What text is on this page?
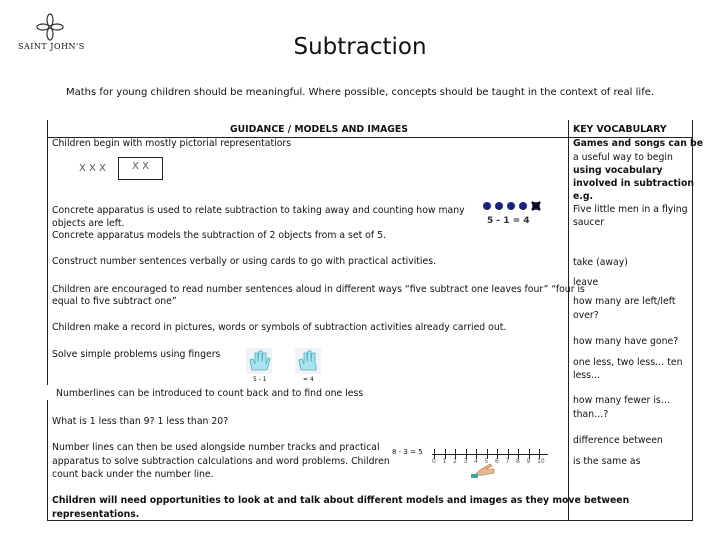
SAINT JOHN'S	Subtraction
Maths for young children should be meaningful. Where possible, concepts should be taught in the context of real life.
GUIDANCE / MODELS AND IMAGES
Children begin with mostly pictorial representatiors
X X X	X X
Concrete apparatus is used to relate subtraction to taking away and counting how many
objects are left.
Concrete apparatus models the subtraction of 2 objects from a set of 5.
5 - 1 = 4
Construct number sentences verbally or using cards to go with practical activities.
Children are encouraged to read number sentences aloud in different ways “five subtract one leaves four” “four is
equal to five subtract one”
Children make a record in pictures, words or symbols of subtraction activities already carried out.
Solve simple problems using fingers
5 - 1	= 4
Numberlines can be introduced to count back and to find one less
What is 1 less than 9? 1 less than 20?
Number lines can then be used alongside number tracks and practical
apparatus to solve subtraction calculations and word problems. Children
count back under the number line.
8 - 3 = 5
0 1 2 3 4 5 6 7 8 9 10
Children will need opportunities to look at and talk about different models and images as they move between
representations.
KEY VOCABULARY
Games and songs can be
a useful way to begin
using vocabulary
involved in subtraction
e.g.
Five little men in a flying
saucer
take (away)
leave
how many are left/left
over?
how many have gone?
one less, two less… ten
less…
how many fewer is…
than…?
difference between
is the same as
